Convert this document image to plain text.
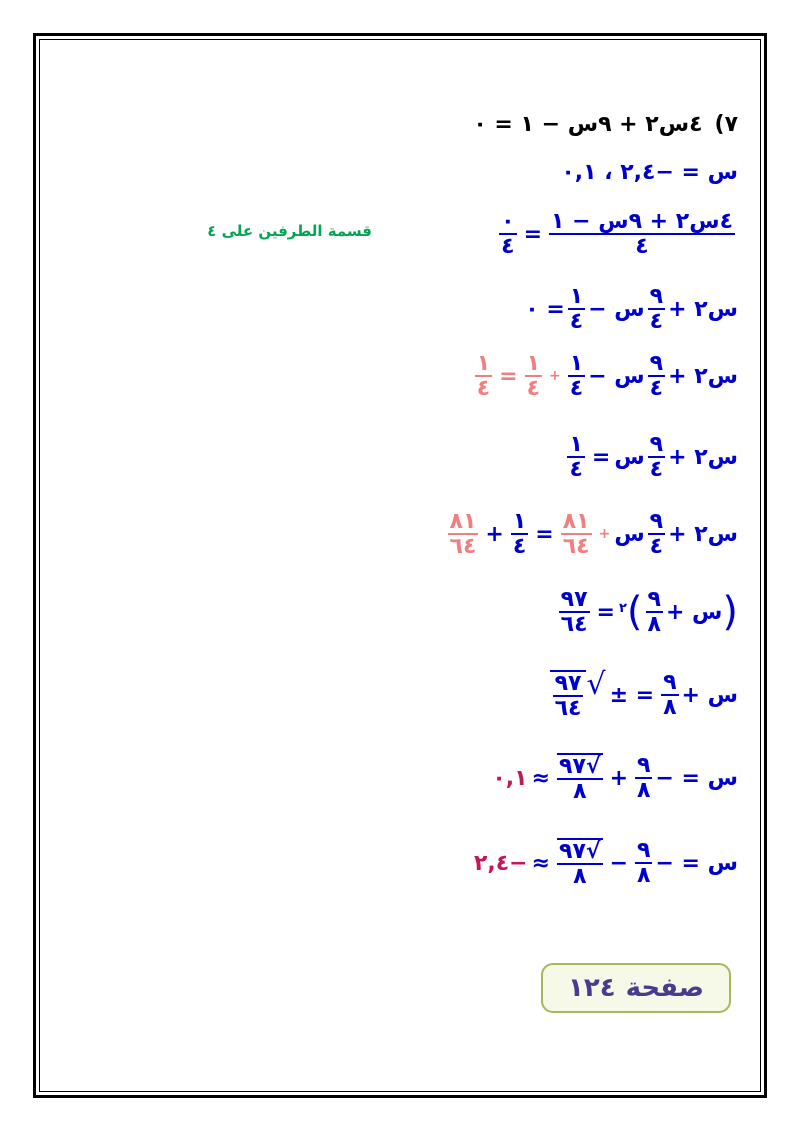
٧)
٤س٢ + ٩س − ١ = ٠
س = −٢,٤ ، ٠,١
$\frac{\text{٤س٢ + ٩س − ١}}{٤}$
=
$\frac{٠}{٤}$
قسمة الطرفين على ٤
س٢ +
$\frac{٩}{٤}$
س −
$\frac{١}{٤}$
= ٠
س٢ +
$\frac{٩}{٤}$
س −
$\frac{١}{٤}$
+
$\frac{١}{٤}$
=
$\frac{١}{٤}$
س٢ +
$\frac{٩}{٤}$
س
=
$\frac{١}{٤}$
س٢ +
$\frac{٩}{٤}$
س
+
$\frac{٨١}{٦٤}$
=
$\frac{١}{٤}$
+
$\frac{٨١}{٦٤}$
(
س +
$\frac{٩}{٨}$
)
$^٢$
=
$\frac{٩٧}{٦٤}$
س +
$\frac{٩}{٨}$
= ±
√
$\frac{٩٧}{٦٤}$
س = −
$\frac{٩}{٨}$
+
$\frac{√٩٧}{٨}$
≈
٠,١
س = −
$\frac{٩}{٨}$
−
$\frac{√٩٧}{٨}$
≈
−٢,٤
صفحة
١٢٤
